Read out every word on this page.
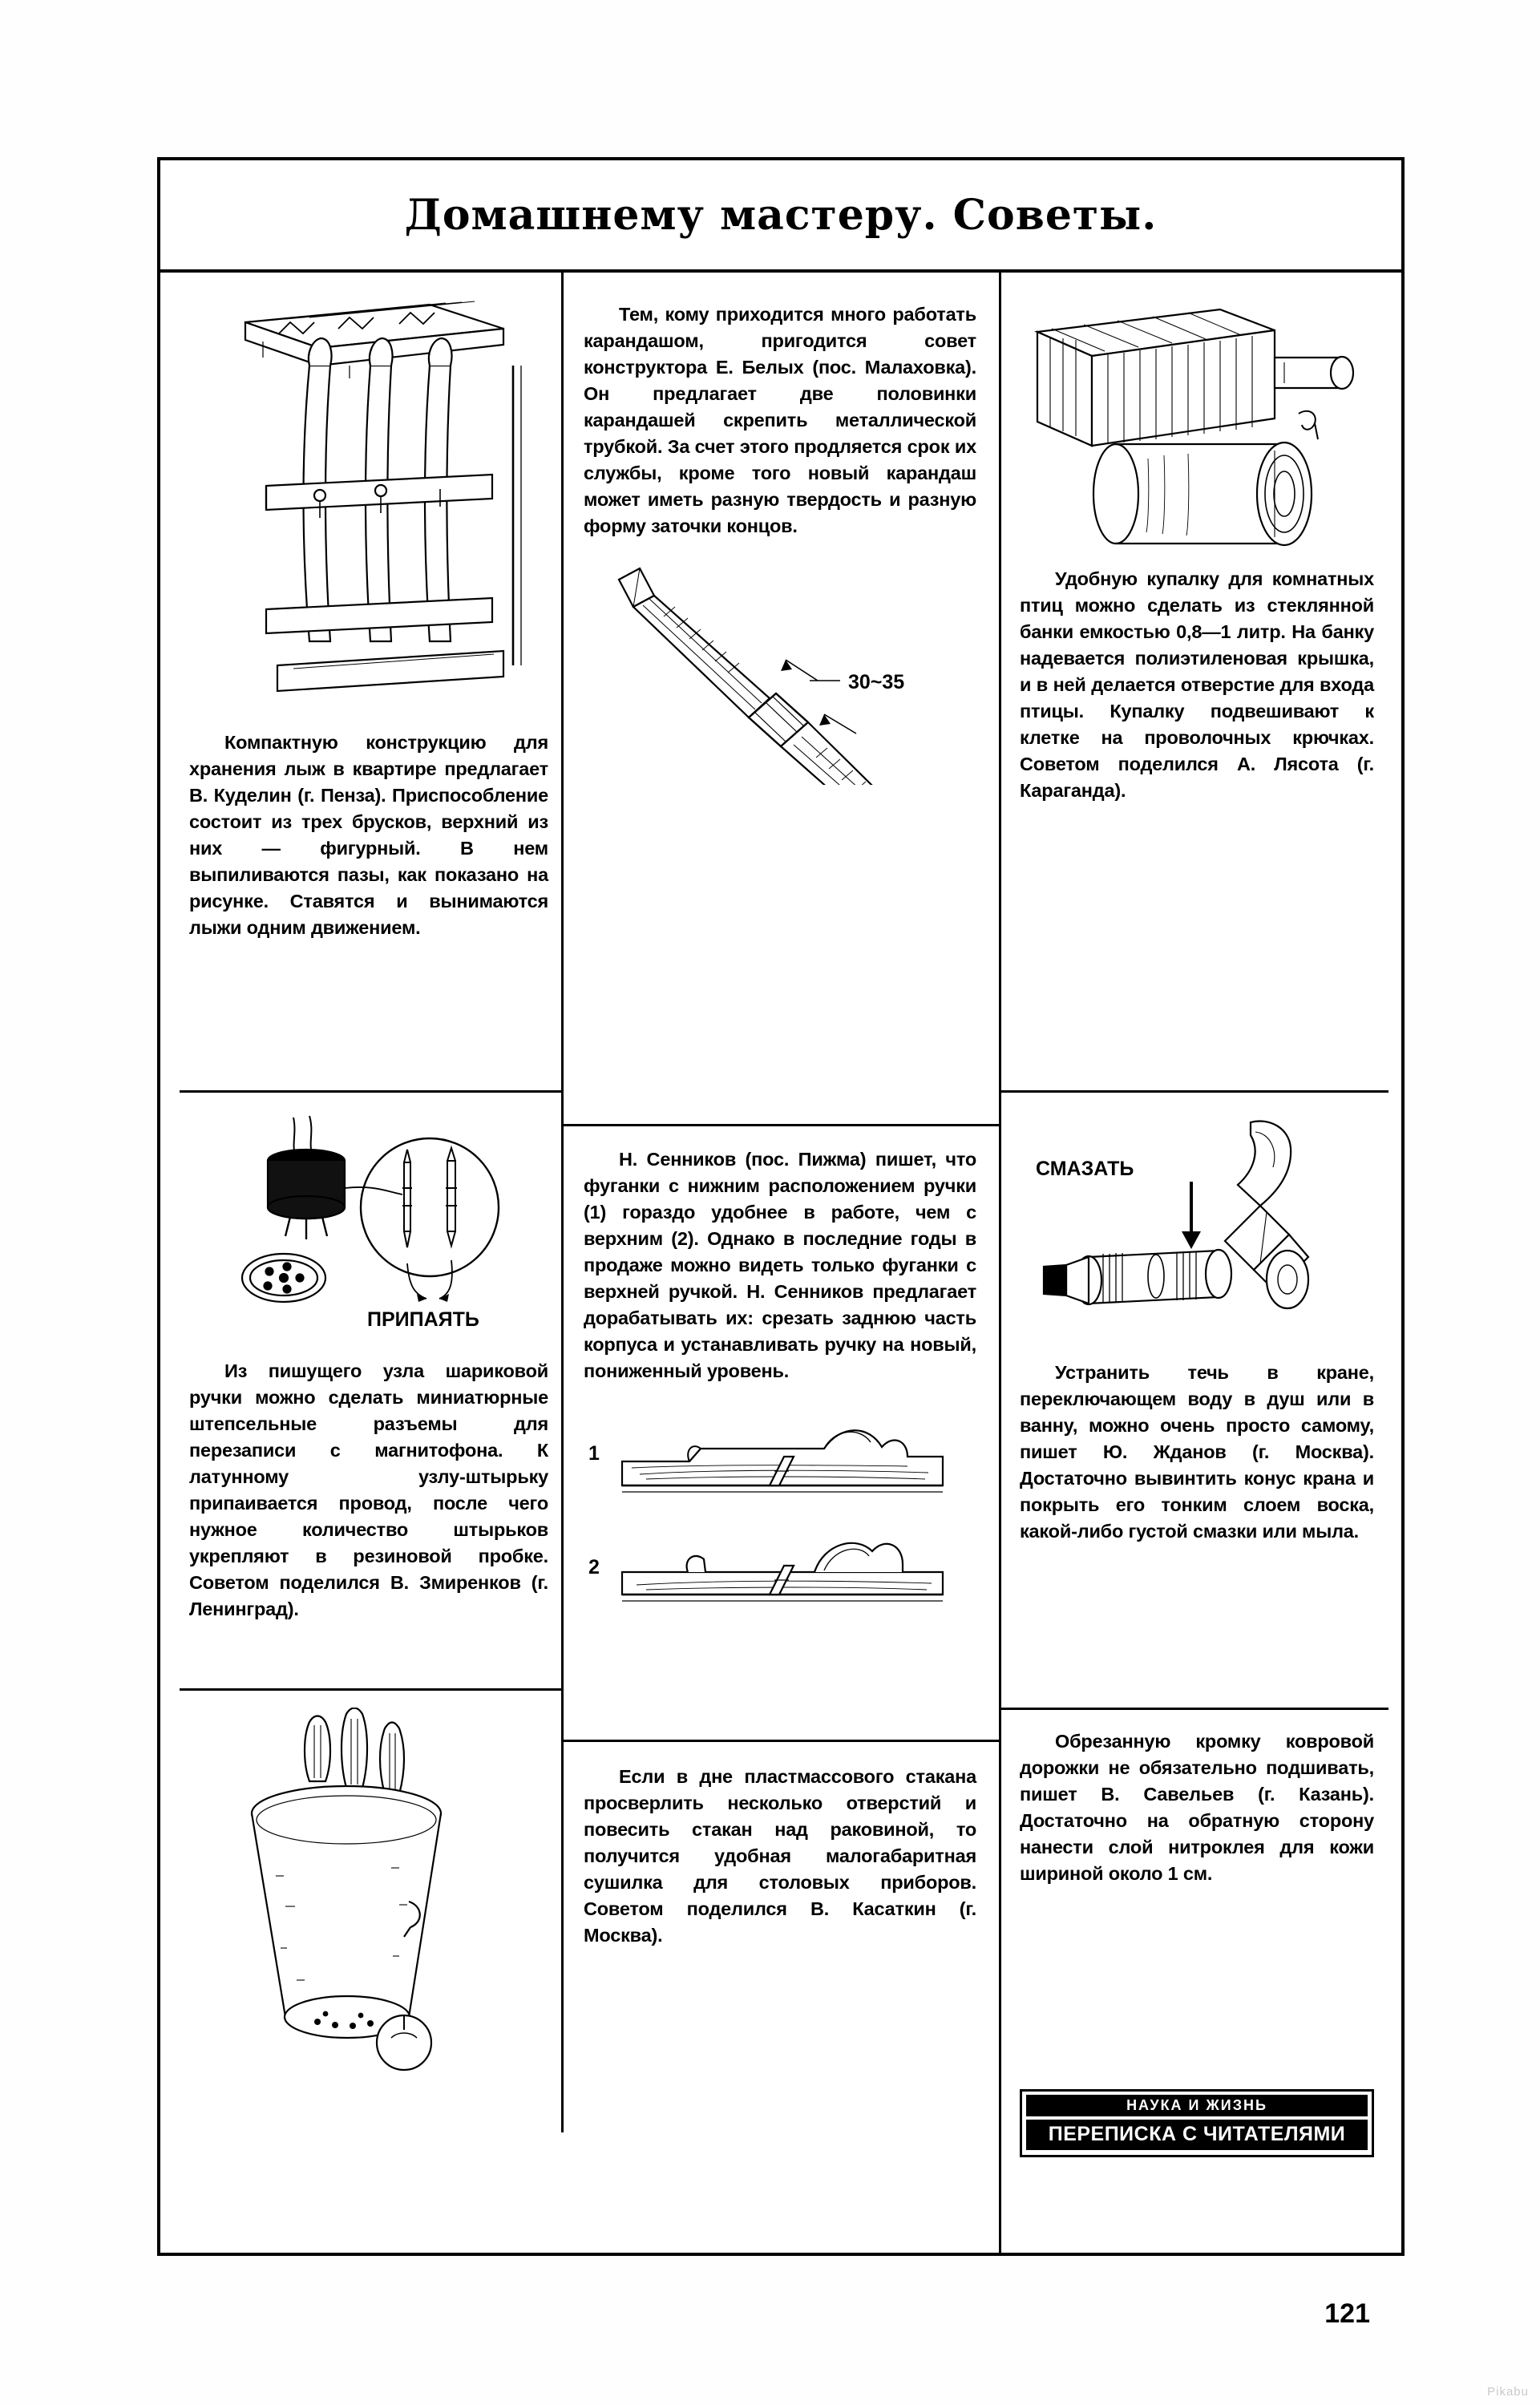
Домашнему мастеру. Советы.
Компактную конструкцию для хранения лыж в квартире предлагает В. Куделин (г. Пенза). Приспособление состоит из трех брусков, верхний из них — фигурный. В нем выпиливаются пазы, как показано на рисунке. Ставятся и вынимаются лыжи одним движением.
ПРИПАЯТЬ
Из пишущего узла шариковой ручки можно сделать миниатюрные штепсельные разъемы для перезаписи с магнитофона. К латунному узлу-штырьку припаивается провод, после чего нужное количество штырьков укрепляют в резиновой пробке. Советом поделился В. Змиренков (г. Ленинград).
Тем, кому приходится много работать карандашом, пригодится совет конструктора Е. Белых (пос. Малаховка). Он предлагает две половинки карандашей скрепить металлической трубкой. За счет этого продляется срок их службы, кроме того новый карандаш может иметь разную твердость и разную форму заточки концов.
30~35
Н. Сенников (пос. Пижма) пишет, что фуганки с нижним расположением ручки (1) гораздо удобнее в работе, чем с верхним (2). Однако в последние годы в продаже можно видеть только фуганки с верхней ручкой. Н. Сенников предлагает дорабатывать их: срезать заднюю часть корпуса и устанавливать ручку на новый, пониженный уровень.
1
2
Если в дне пластмассового стакана просверлить несколько отверстий и повесить стакан над раковиной, то получится удобная малогабаритная сушилка для столовых приборов. Советом поделился В. Касаткин (г. Москва).
Удобную купалку для комнатных птиц можно сделать из стеклянной банки емкостью 0,8—1 литр. На банку надевается полиэтиленовая крышка, и в ней делается отверстие для входа птицы. Купалку подвешивают к клетке на проволочных крючках. Советом поделился А. Лясота (г. Караганда).
СМАЗАТЬ
Устранить течь в кране, переключающем воду в душ или в ванну, можно очень просто самому, пишет Ю. Жданов (г. Москва). Достаточно вывинтить конус крана и покрыть его тонким слоем воска, какой-либо густой смазки или мыла.
Обрезанную кромку ковровой дорожки не обязательно подшивать, пишет В. Савельев (г. Казань). Достаточно на обратную сторону нанести слой нитроклея для кожи шириной около 1 см.
НАУКА И ЖИЗНЬ
ПЕРЕПИСКА С ЧИТАТЕЛЯМИ
121
Pikabu
